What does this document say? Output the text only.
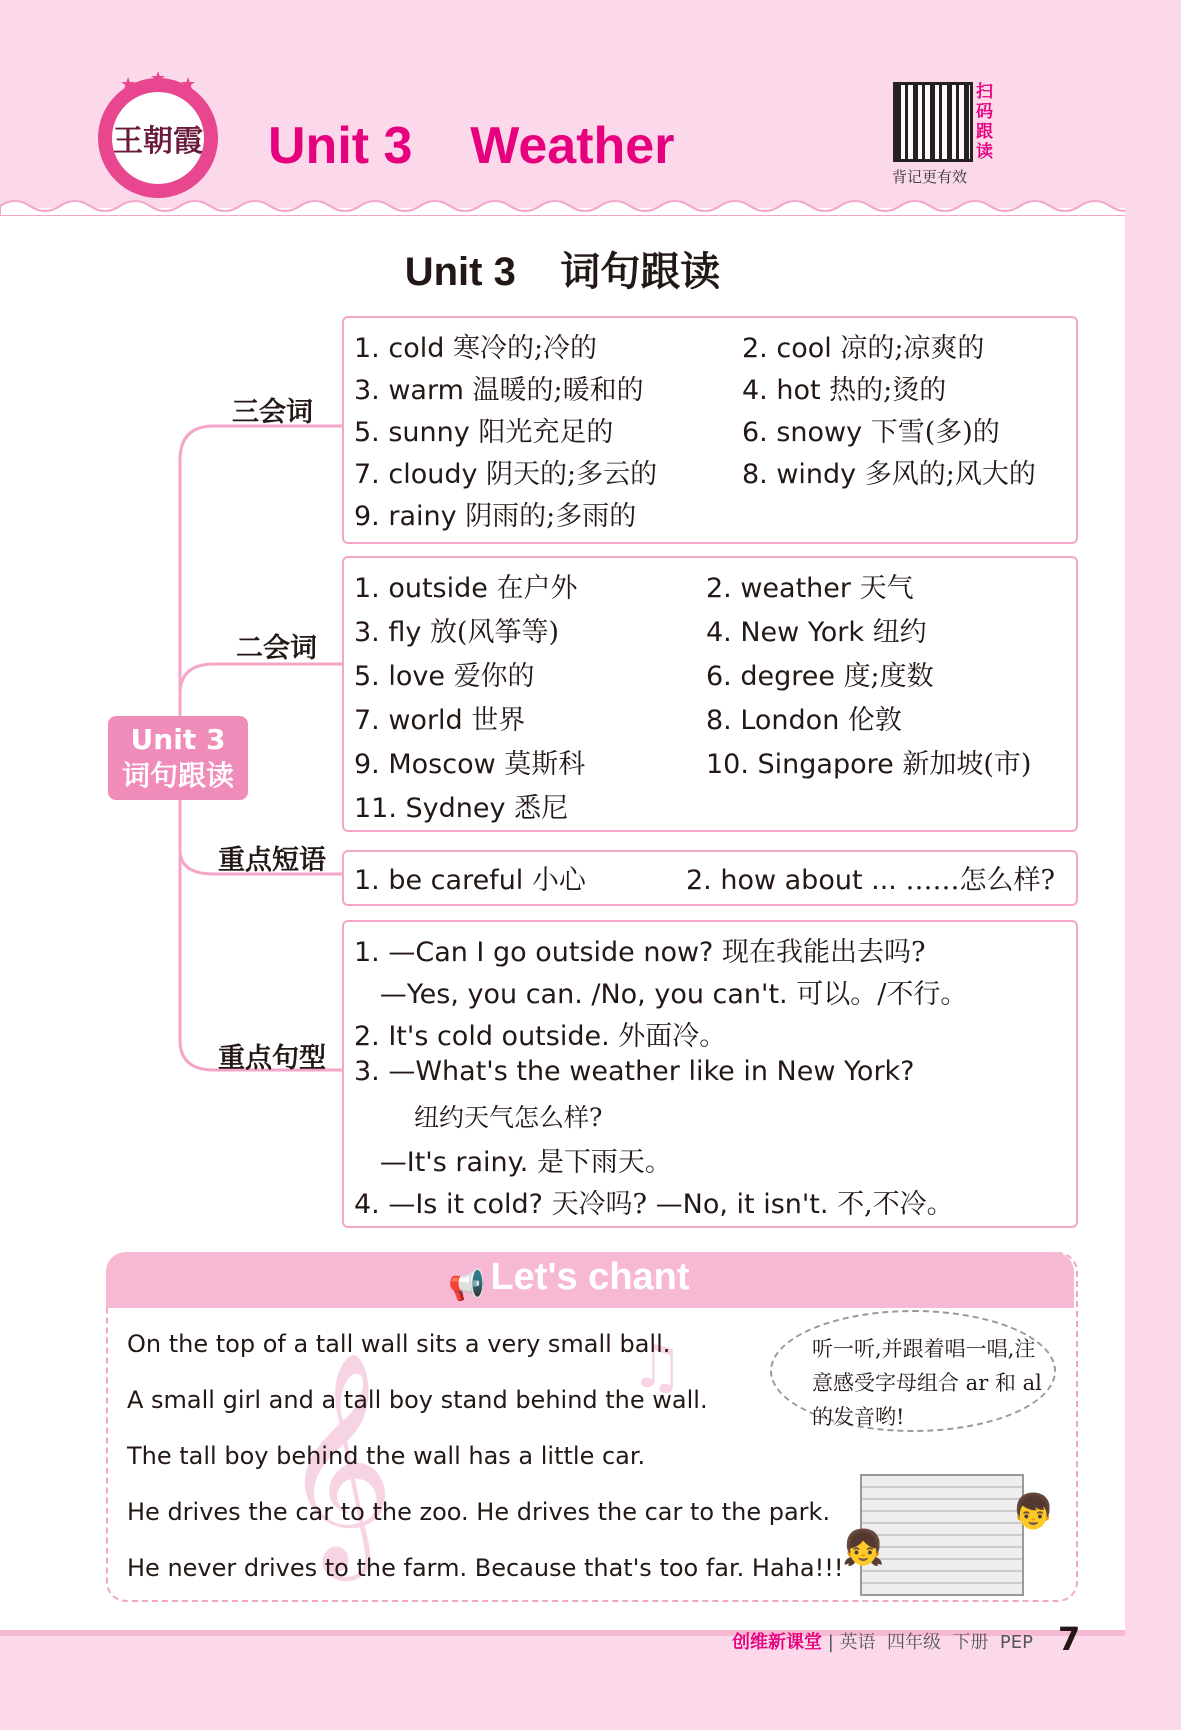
王朝霞
★ ★ ★
Unit 3    Weather
扫
码
跟
读
背记更有效
Unit 3    词句跟读
Unit 3
词句跟读
三会词
1. cold 寒冷的;冷的	2. cool 凉的;凉爽的
3. warm 温暖的;暖和的	4. hot 热的;烫的
5. sunny 阳光充足的	6. snowy 下雪(多)的
7. cloudy 阴天的;多云的	8. windy 多风的;风大的
9. rainy 阴雨的;多雨的
二会词
1. outside 在户外	2. weather 天气
3. fly 放(风筝等)	4. New York 纽约
5. love 爱你的	6. degree 度;度数
7. world 世界	8. London 伦敦
9. Moscow 莫斯科	10. Singapore 新加坡(市)
11. Sydney 悉尼
重点短语
1. be careful 小心	2. how about ... ……怎么样?
重点句型
1. —Can I go outside now? 现在我能出去吗?
—Yes, you can. /No, you can't. 可以。/不行。
2. It's cold outside. 外面冷。
3. —What's the weather like in New York?
纽约天气怎么样?
—It's rainy. 是下雨天。
4. —Is it cold? 天冷吗? —No, it isn't. 不,不冷。
📢 Let's chant
𝄞	♫
On the top of a tall wall sits a very small ball.
A small girl and a tall boy stand behind the wall.
The tall boy behind the wall has a little car.
He drives the car to the zoo. He drives the car to the park.
He never drives to the farm. Because that's too far. Haha!!!
听一听,并跟着唱一唱,注意感受字母组合 ar 和 al 的发音哟!
👧
👦
创维新课堂 | 英语  四年级  下册  PEP 7
